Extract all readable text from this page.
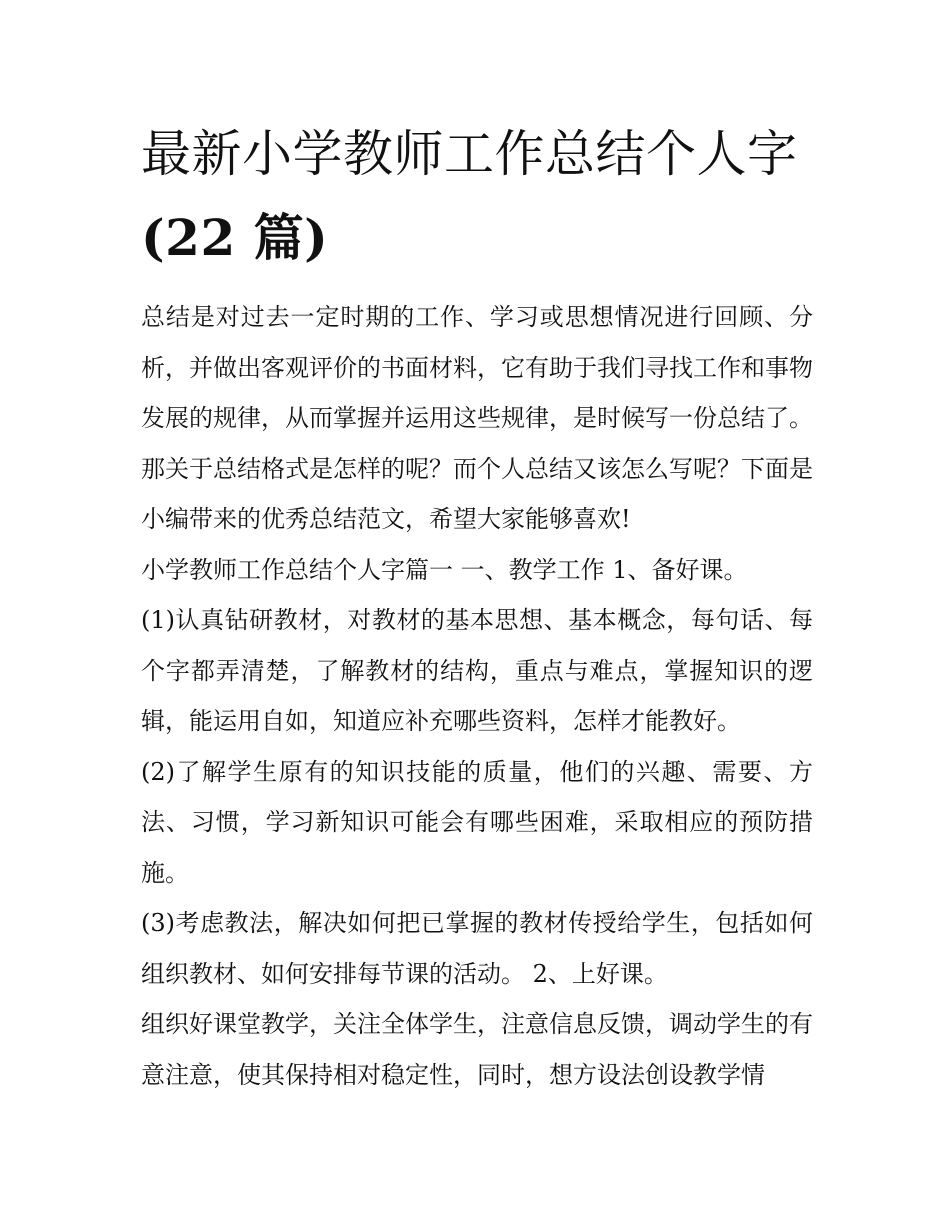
最新小学教师工作总结个人字
(22 篇)

总结是对过去一定时期的工作、学习或思想情况进行回顾、分析，并做出客观评价的书面材料，它有助于我们寻找工作和事物发展的规律，从而掌握并运用这些规律，是时候写一份总结了。那关于总结格式是怎样的呢？而个人总结又该怎么写呢？下面是小编带来的优秀总结范文，希望大家能够喜欢!

小学教师工作总结个人字篇一 一、教学工作 1、备好课。

(1)认真钻研教材，对教材的基本思想、基本概念，每句话、每个字都弄清楚，了解教材的结构，重点与难点，掌握知识的逻辑，能运用自如，知道应补充哪些资料，怎样才能教好。

(2)了解学生原有的知识技能的质量，他们的兴趣、需要、方法、习惯，学习新知识可能会有哪些困难，采取相应的预防措施。

(3)考虑教法，解决如何把已掌握的教材传授给学生，包括如何组织教材、如何安排每节课的活动。 2、上好课。

组织好课堂教学，关注全体学生，注意信息反馈，调动学生的有意注意，使其保持相对稳定性，同时，想方设法创设教学情
